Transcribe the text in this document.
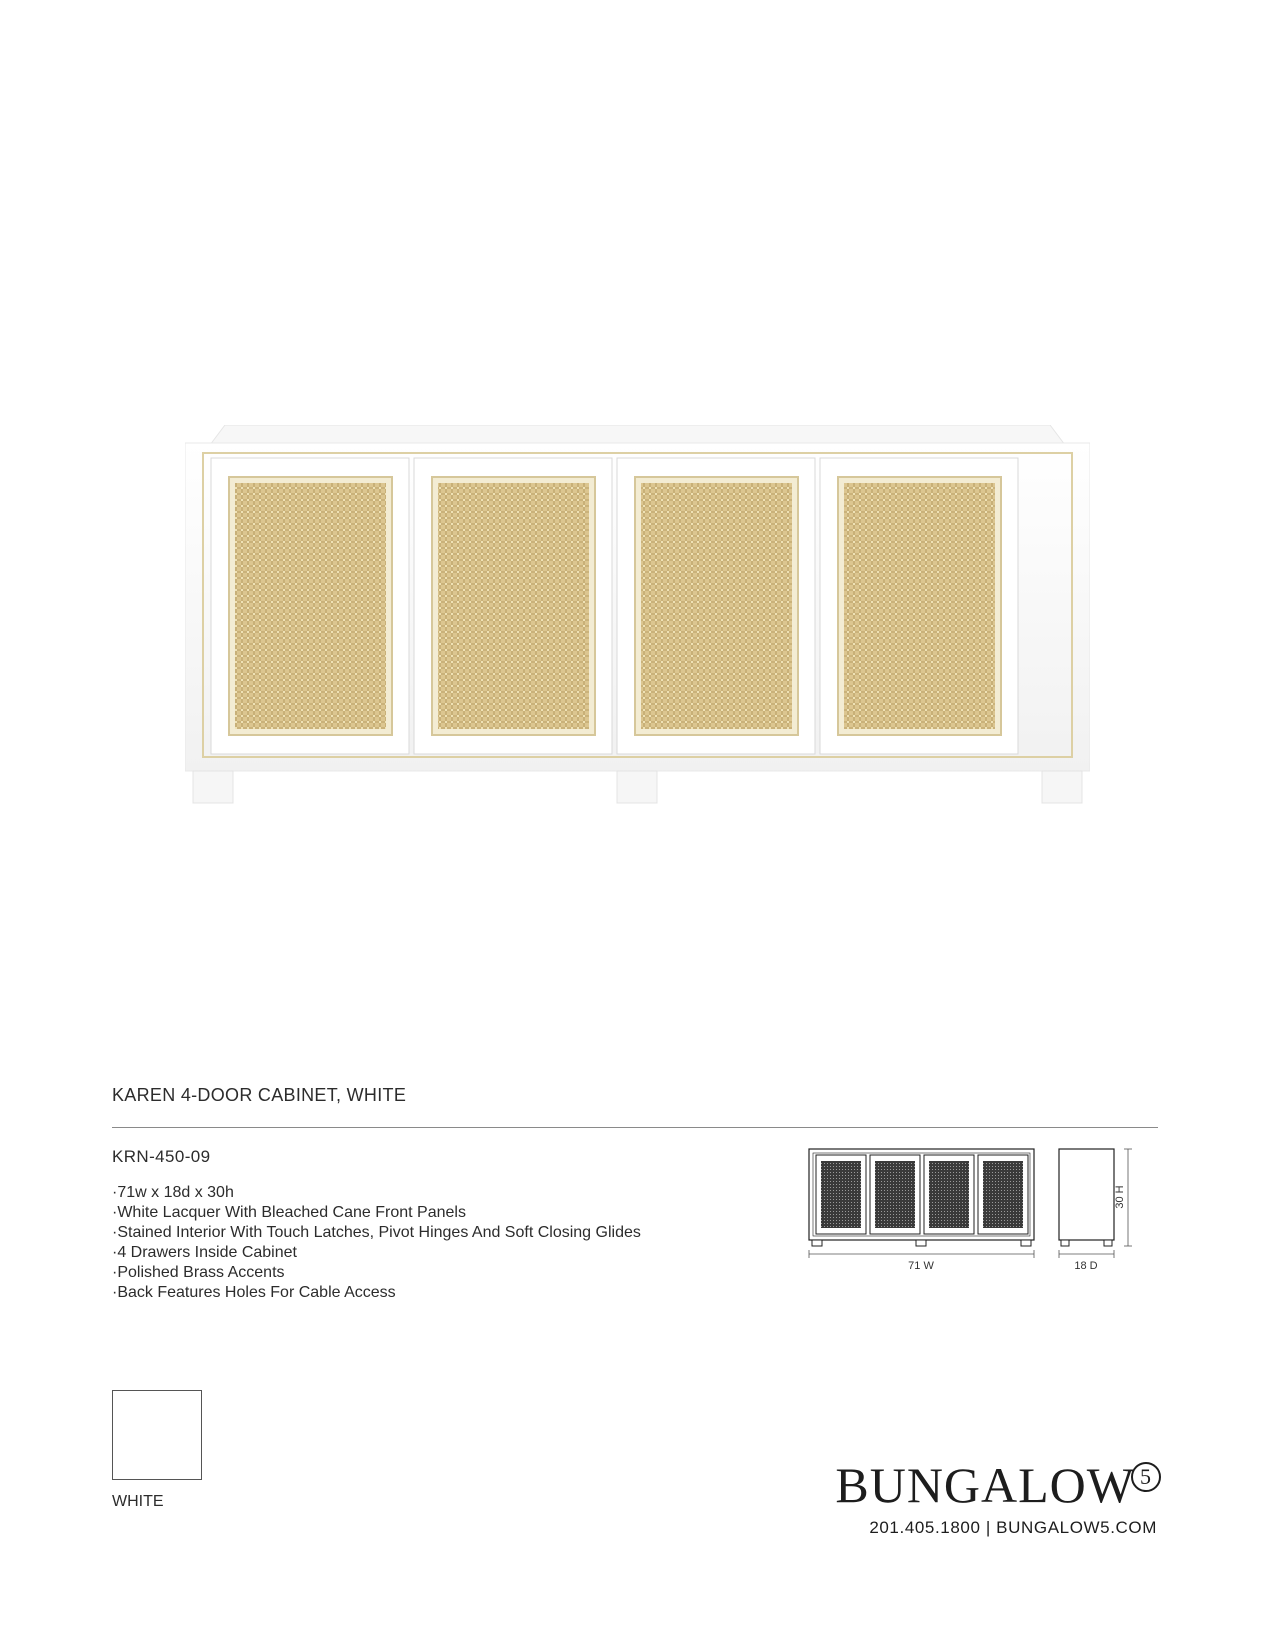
KAREN 4-DOOR CABINET, WHITE
KRN-450-09
· 71w x 18d x 30h
· White Lacquer With Bleached Cane Front Panels
· Stained Interior With Touch Latches, Pivot Hinges And Soft Closing Glides
· 4 Drawers Inside Cabinet
· Polished Brass Accents
· Back Features Holes For Cable Access
71 W	18 D
30 H
WHITE	BUNGALOW 5
201.405.1800 | BUNGALOW5.COM
